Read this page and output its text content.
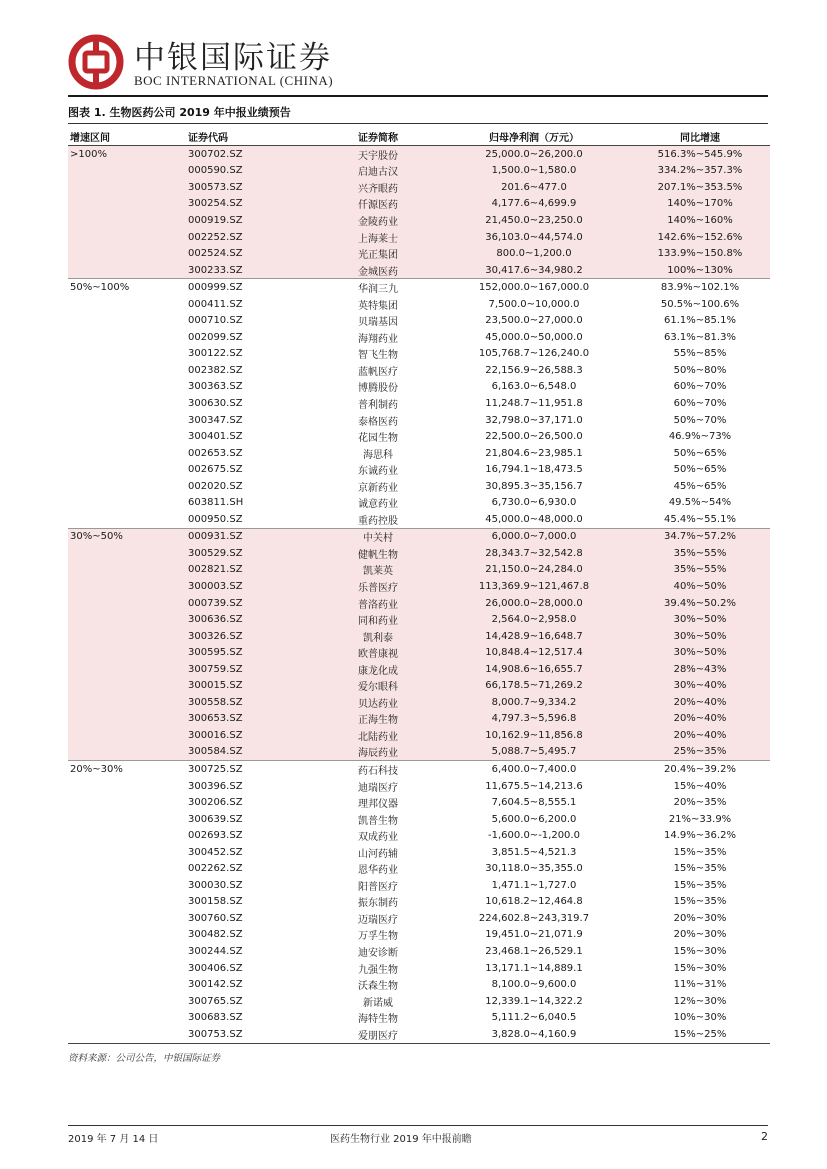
中银国际证券
BOC INTERNATIONAL (CHINA)
图表 1. 生物医药公司 2019 年中报业绩预告
增速区间	证券代码	证券简称	归母净利润（万元）	同比增速
>100%	300702.SZ	天宇股份	25,000.0~26,200.0	516.3%~545.9%
	000590.SZ	启迪古汉	1,500.0~1,580.0	334.2%~357.3%
	300573.SZ	兴齐眼药	201.6~477.0	207.1%~353.5%
	300254.SZ	仟源医药	4,177.6~4,699.9	140%~170%
	000919.SZ	金陵药业	21,450.0~23,250.0	140%~160%
	002252.SZ	上海莱士	36,103.0~44,574.0	142.6%~152.6%
	002524.SZ	光正集团	800.0~1,200.0	133.9%~150.8%
	300233.SZ	金城医药	30,417.6~34,980.2	100%~130%
50%~100%	000999.SZ	华润三九	152,000.0~167,000.0	83.9%~102.1%
	000411.SZ	英特集团	7,500.0~10,000.0	50.5%~100.6%
	000710.SZ	贝瑞基因	23,500.0~27,000.0	61.1%~85.1%
	002099.SZ	海翔药业	45,000.0~50,000.0	63.1%~81.3%
	300122.SZ	智飞生物	105,768.7~126,240.0	55%~85%
	002382.SZ	蓝帆医疗	22,156.9~26,588.3	50%~80%
	300363.SZ	博腾股份	6,163.0~6,548.0	60%~70%
	300630.SZ	普利制药	11,248.7~11,951.8	60%~70%
	300347.SZ	泰格医药	32,798.0~37,171.0	50%~70%
	300401.SZ	花园生物	22,500.0~26,500.0	46.9%~73%
	002653.SZ	海思科	21,804.6~23,985.1	50%~65%
	002675.SZ	东诚药业	16,794.1~18,473.5	50%~65%
	002020.SZ	京新药业	30,895.3~35,156.7	45%~65%
	603811.SH	诚意药业	6,730.0~6,930.0	49.5%~54%
	000950.SZ	重药控股	45,000.0~48,000.0	45.4%~55.1%
30%~50%	000931.SZ	中关村	6,000.0~7,000.0	34.7%~57.2%
	300529.SZ	健帆生物	28,343.7~32,542.8	35%~55%
	002821.SZ	凯莱英	21,150.0~24,284.0	35%~55%
	300003.SZ	乐普医疗	113,369.9~121,467.8	40%~50%
	000739.SZ	普洛药业	26,000.0~28,000.0	39.4%~50.2%
	300636.SZ	同和药业	2,564.0~2,958.0	30%~50%
	300326.SZ	凯利泰	14,428.9~16,648.7	30%~50%
	300595.SZ	欧普康视	10,848.4~12,517.4	30%~50%
	300759.SZ	康龙化成	14,908.6~16,655.7	28%~43%
	300015.SZ	爱尔眼科	66,178.5~71,269.2	30%~40%
	300558.SZ	贝达药业	8,000.7~9,334.2	20%~40%
	300653.SZ	正海生物	4,797.3~5,596.8	20%~40%
	300016.SZ	北陆药业	10,162.9~11,856.8	20%~40%
	300584.SZ	海辰药业	5,088.7~5,495.7	25%~35%
20%~30%	300725.SZ	药石科技	6,400.0~7,400.0	20.4%~39.2%
	300396.SZ	迪瑞医疗	11,675.5~14,213.6	15%~40%
	300206.SZ	理邦仪器	7,604.5~8,555.1	20%~35%
	300639.SZ	凯普生物	5,600.0~6,200.0	21%~33.9%
	002693.SZ	双成药业	-1,600.0~-1,200.0	14.9%~36.2%
	300452.SZ	山河药辅	3,851.5~4,521.3	15%~35%
	002262.SZ	恩华药业	30,118.0~35,355.0	15%~35%
	300030.SZ	阳普医疗	1,471.1~1,727.0	15%~35%
	300158.SZ	振东制药	10,618.2~12,464.8	15%~35%
	300760.SZ	迈瑞医疗	224,602.8~243,319.7	20%~30%
	300482.SZ	万孚生物	19,451.0~21,071.9	20%~30%
	300244.SZ	迪安诊断	23,468.1~26,529.1	15%~30%
	300406.SZ	九强生物	13,171.1~14,889.1	15%~30%
	300142.SZ	沃森生物	8,100.0~9,600.0	11%~31%
	300765.SZ	新诺威	12,339.1~14,322.2	12%~30%
	300683.SZ	海特生物	5,111.2~6,040.5	10%~30%
	300753.SZ	爱朋医疗	3,828.0~4,160.9	15%~25%
资料来源：公司公告，中银国际证券
2019 年 7 月 14 日	医药生物行业 2019 年中报前瞻	2
